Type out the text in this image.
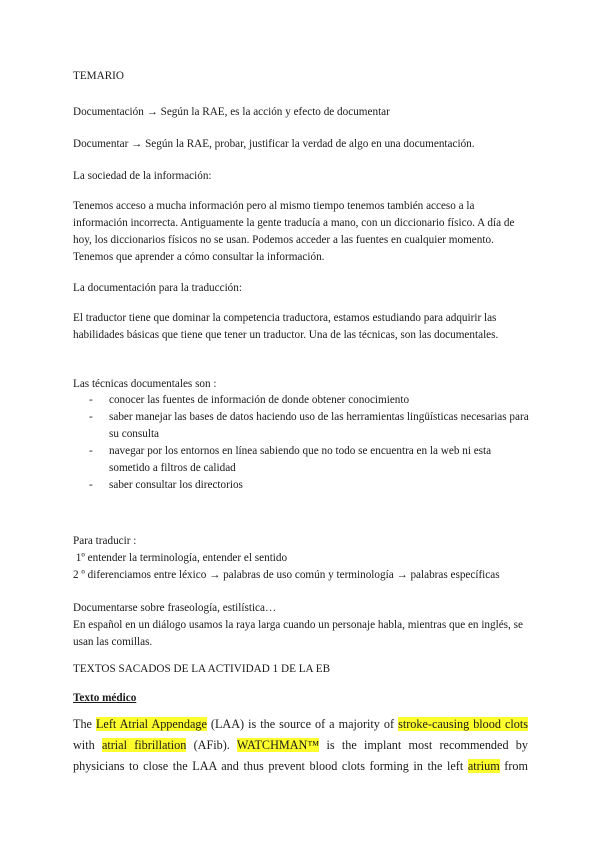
TEMARIO

Documentación → Según la RAE, es la acción y efecto de documentar

Documentar → Según la RAE, probar, justificar la verdad de algo en una documentación.

La sociedad de la información:

Tenemos acceso a mucha información pero al mismo tiempo tenemos también acceso a la información incorrecta. Antiguamente la gente traducía a mano, con un diccionario físico. A día de hoy, los diccionarios físicos no se usan. Podemos acceder a las fuentes en cualquier momento. Tenemos que aprender a cómo consultar la información.

La documentación para la traducción:

El traductor tiene que dominar la competencia traductora, estamos estudiando para adquirir las habilidades básicas que tiene que tener un traductor. Una de las técnicas, son las documentales.

Las técnicas documentales son :

- conocer las fuentes de información de donde obtener conocimiento
- saber manejar las bases de datos haciendo uso de las herramientas lingüísticas necesarias para su consulta
- navegar por los entornos en línea sabiendo que no todo se encuentra en la web ni esta sometido a filtros de calidad
- saber consultar los directorios

Para traducir :

1º entender la terminología, entender el sentido

2 º diferenciamos entre léxico → palabras de uso común y terminología → palabras específicas

Documentarse sobre fraseología, estilística…

En español en un diálogo usamos la raya larga cuando un personaje habla, mientras que en inglés, se usan las comillas.

TEXTOS SACADOS DE LA ACTIVIDAD 1 DE LA EB

Texto médico

The Left Atrial Appendage (LAA) is the source of a majority of stroke-causing blood clots
with atrial fibrillation (AFib). WATCHMAN™ is the implant most recommended by
physicians to close the LAA and thus prevent blood clots forming in the left atrium from
